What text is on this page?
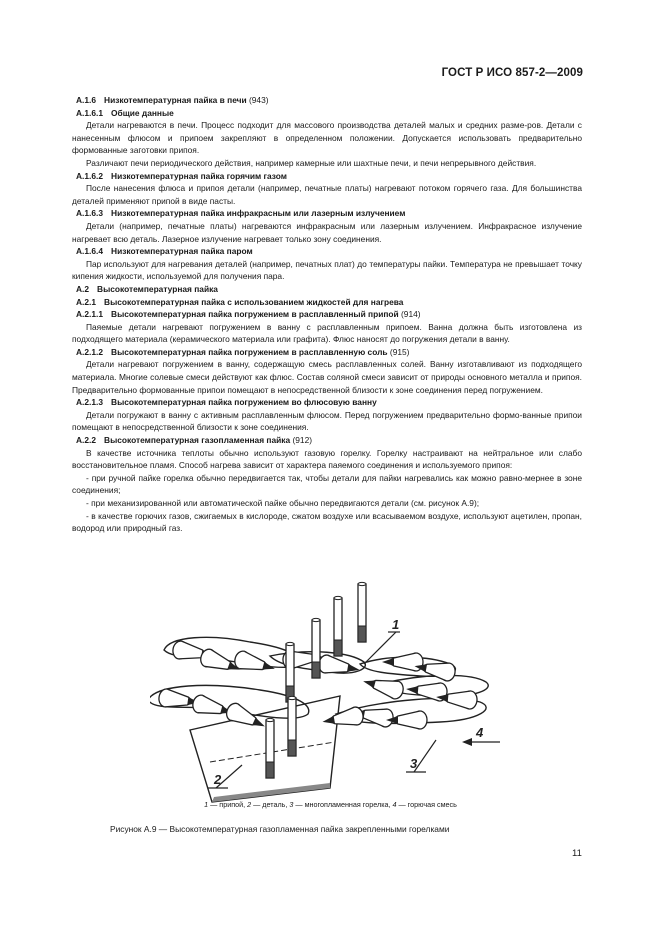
ГОСТ Р ИСО 857-2—2009

A.1.6 Низкотемпературная пайка в печи (943)

A.1.6.1 Общие данные

Детали нагреваются в печи. Процесс подходит для массового производства деталей малых и средних разме-ров. Детали с нанесенным флюсом и припоем закрепляют в определенном положении. Допускается использовать предварительно формованные заготовки припоя.

Различают печи периодического действия, например камерные или шахтные печи, и печи непрерывного действия.

A.1.6.2 Низкотемпературная пайка горячим газом

После нанесения флюса и припоя детали (например, печатные платы) нагревают потоком горячего газа. Для большинства деталей применяют припой в виде пасты.

A.1.6.3 Низкотемпературная пайка инфракрасным или лазерным излучением

Детали (например, печатные платы) нагреваются инфракрасным или лазерным излучением. Инфракрасное излучение нагревает всю деталь. Лазерное излучение нагревает только зону соединения.

A.1.6.4 Низкотемпературная пайка паром

Пар используют для нагревания деталей (например, печатных плат) до температуры пайки. Температура не превышает точку кипения жидкости, используемой для получения пара.

A.2 Высокотемпературная пайка

A.2.1 Высокотемпературная пайка с использованием жидкостей для нагрева

A.2.1.1 Высокотемпературная пайка погружением в расплавленный припой (914)

Паяемые детали нагревают погружением в ванну с расплавленным припоем. Ванна должна быть изготовлена из подходящего материала (керамического материала или графита). Флюс наносят до погружения детали в ванну.

A.2.1.2 Высокотемпературная пайка погружением в расплавленную соль (915)

Детали нагревают погружением в ванну, содержащую смесь расплавленных солей. Ванну изготавливают из подходящего материала. Многие солевые смеси действуют как флюс. Состав соляной смеси зависит от природы основного металла и припоя. Предварительно формованные припои помещают в непосредственной близости к зоне соединения перед погружением.

A.2.1.3 Высокотемпературная пайка погружением во флюсовую ванну

Детали погружают в ванну с активным расплавленным флюсом. Перед погружением предварительно формо-ванные припои помещают в непосредственной близости к зоне соединения.

A.2.2 Высокотемпературная газопламенная пайка (912)

В качестве источника теплоты обычно используют газовую горелку. Горелку настраивают на нейтральное или слабо восстановительное пламя. Способ нагрева зависит от характера паяемого соединения и используемого припоя:

- при ручной пайке горелка обычно передвигается так, чтобы детали для пайки нагревались как можно равно-мернее в зоне соединения;

- при механизированной или автоматической пайке обычно передвигаются детали (см. рисунок А.9);

- в качестве горючих газов, сжигаемых в кислороде, сжатом воздухе или всасываемом воздухе, используют ацетилен, пропан, водород или природный газ.

1
2
3
4
1 — припой, 2 — деталь, 3 — многопламенная горелка, 4 — горючая смесь
Рисунок А.9 — Высокотемпературная газопламенная пайка закрепленными горелками
11
